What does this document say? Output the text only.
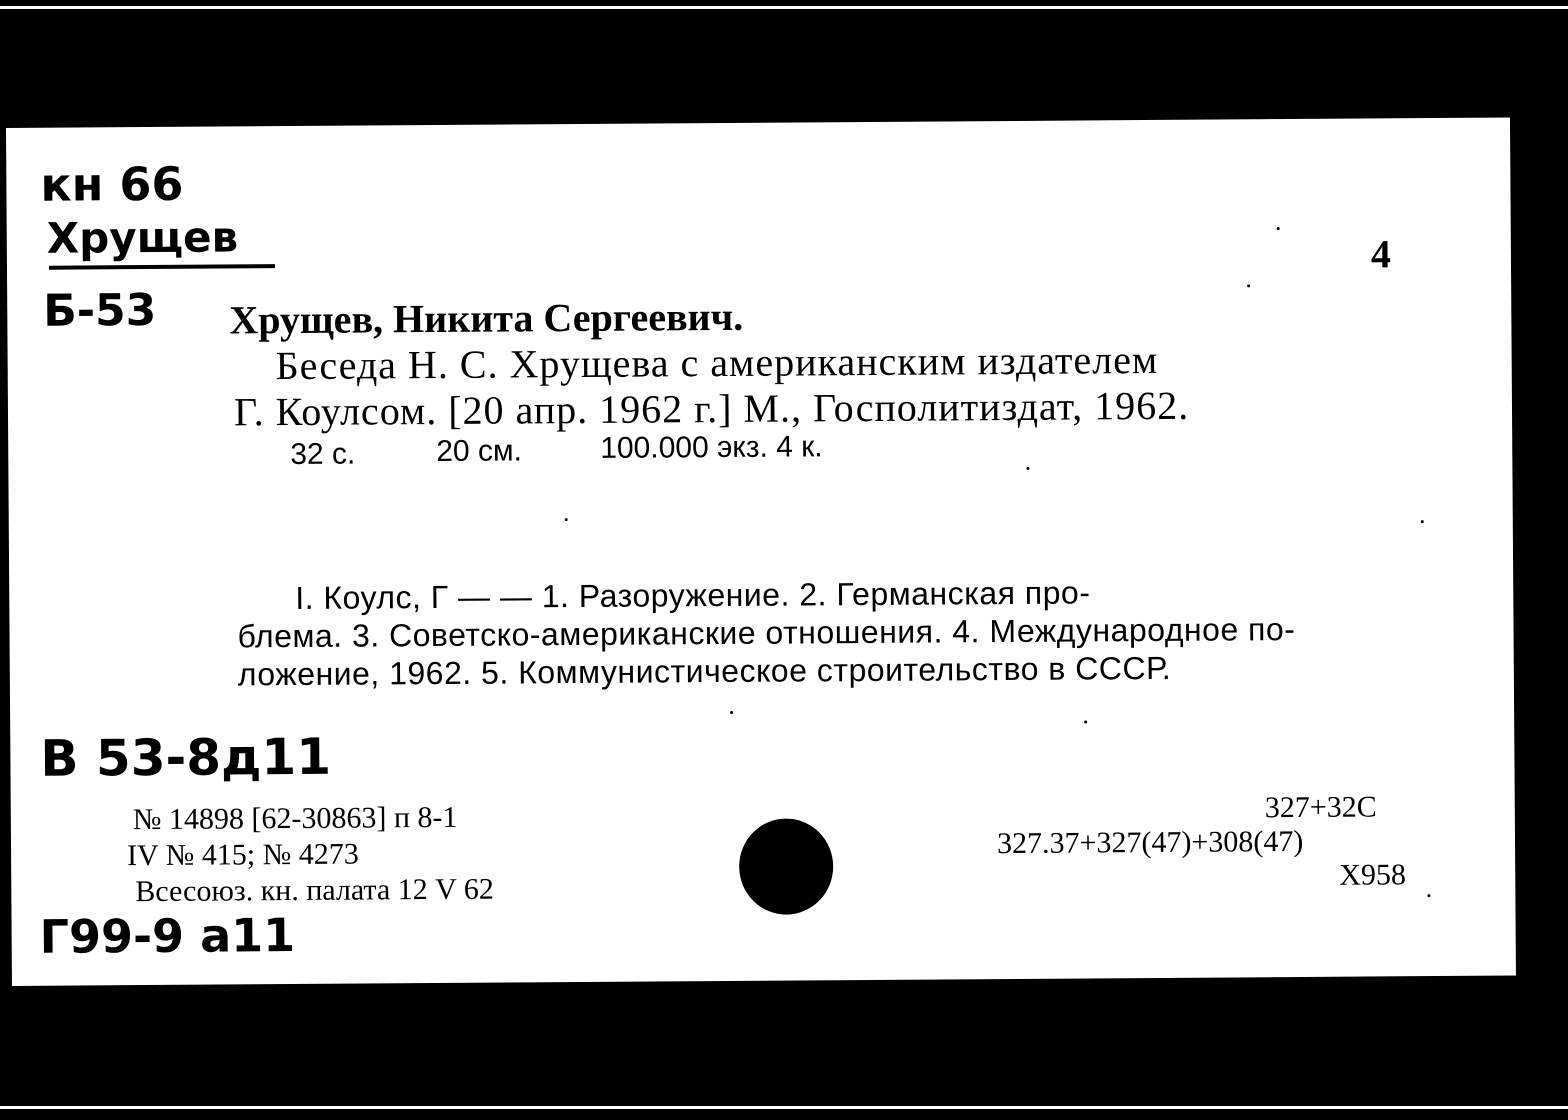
кн 66
Хрущев
Б-53
4
Хрущев, Никита Сергеевич.
Беседа Н. С. Хрущева с американским издателем
Г. Коулсом. [20 апр. 1962 г.] М., Госполитиздат, 1962.
32 с.	20 см.	100.000 экз. 4 к.
I. Коулс, Г — — 1. Разоружение. 2. Германская про-
блема. 3. Советско-американские отношения. 4. Международное по-
ложение, 1962. 5. Коммунистическое строительство в СССР.
В 53-8д11
№ 14898 [62-30863] п 8-1
IV № 415; № 4273
Всесоюз. кн. палата 12 V 62
Г99-9 а11
327+32С
327.37+327(47)+308(47)
Х958
